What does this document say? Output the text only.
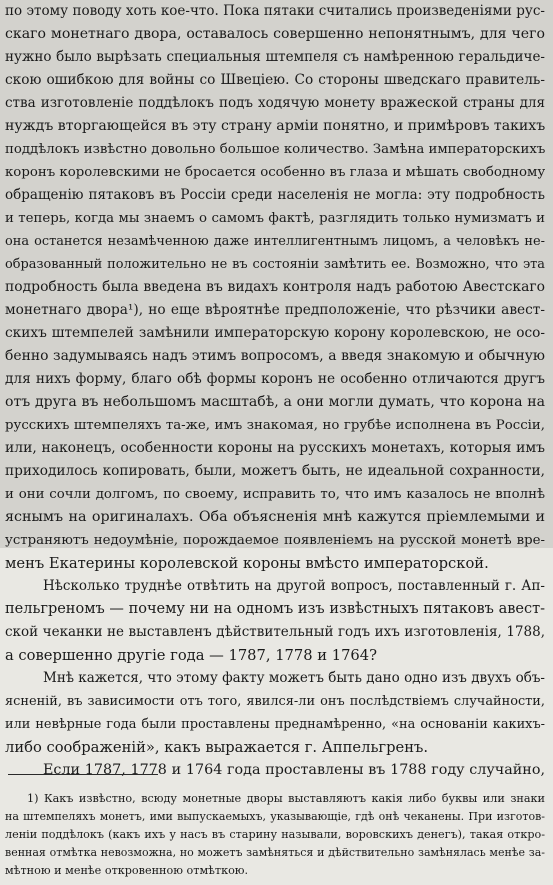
по этому поводу хоть кое-что. Пока пятаки считались произведеніями рус-
скаго монетнаго двора, оставалось совершенно непонятнымъ, для чего
нужно было вырѣзать специальныя штемпеля съ намѣренною геральдиче-
скою ошибкою для войны со Швецiею. Со стороны шведскаго правитель-
ства изготовленіе поддѣлокъ подъ ходячую монету вражеской страны для
нуждъ вторгающейся въ эту страну арміи понятно, и примѣровъ такихъ
поддѣлокъ извѣстно довольно большое количество. Замѣна императорскихъ
коронъ королевскими не бросается особенно въ глаза и мѣшать свободному
обращенію пятаковъ въ Россіи среди населенія не могла: эту подробность
и теперь, когда мы знаемъ о самомъ фактѣ, разглядить только нумизматъ и
она останется незамѣченною даже интеллигентнымъ лицомъ, а человѣкъ не-
образованный положительно не въ состояніи замѣтить ее. Возможно, что эта
подробность была введена въ видахъ контроля надъ работою Авестскаго
монетнаго двора¹), но еще вѣроятнѣе предположеніе, что рѣзчики авест-
скихъ штемпелей замѣнили императорскую корону королевскою, не осо-
бенно задумываясь надъ этимъ вопросомъ, а введя знакомую и обычную
для нихъ форму, благо обѣ формы коронъ не особенно отличаются другъ
отъ друга въ небольшомъ масштабѣ, а они могли думать, что корона на
русскихъ штемпеляхъ та-же, имъ знакомая, но грубѣе исполнена въ Россіи,
или, наконецъ, особенности короны на русскихъ монетахъ, которыя имъ
приходилось копировать, были, можетъ быть, не идеальной сохранности,
и они сочли долгомъ, по своему, исправить то, что имъ казалось не вполнѣ
яснымъ на оригиналахъ. Оба объясненія мнѣ кажутся пріемлемыми и
устраняютъ недоумѣніе, порождаемое появленіемъ на русской монетѣ вре-
менъ Екатерины королевской короны вмѣсто императорской.
Нѣсколько труднѣе отвѣтить на другой вопросъ, поставленный г. Ап-
пельгреномъ — почему ни на одномъ изъ извѣстныхъ пятаковъ авест-
ской чеканки не выставленъ дѣйствительный годъ ихъ изготовленія, 1788,
а совершенно другіе года — 1787, 1778 и 1764?
Мнѣ кажется, что этому факту можетъ быть дано одно изъ двухъ объ-
ясненій, въ зависимости отъ того, явился-ли онъ послѣдствіемъ случайности,
или невѣрные года были проставлены преднамѣренно, «на основаніи какихъ-
либо соображеній», какъ выражается г. Аппельгренъ.
Если 1787, 1778 и 1764 года проставлены въ 1788 году случайно,
1) Какъ извѣстно, всюду монетные дворы выставляютъ какія либо буквы или знаки
на штемпеляхъ монетъ, ими выпускаемыхъ, указывающіе, гдѣ онѣ чеканены. При изготов-
леніи поддѣлокъ (какъ ихъ у насъ въ старину называли, воровскихъ денегъ), такая откро-
венная отмѣтка невозможна, но можетъ замѣняться и дѣйствительно замѣнялась менѣе за-
мѣтною и менѣе откровенною отмѣткою.
